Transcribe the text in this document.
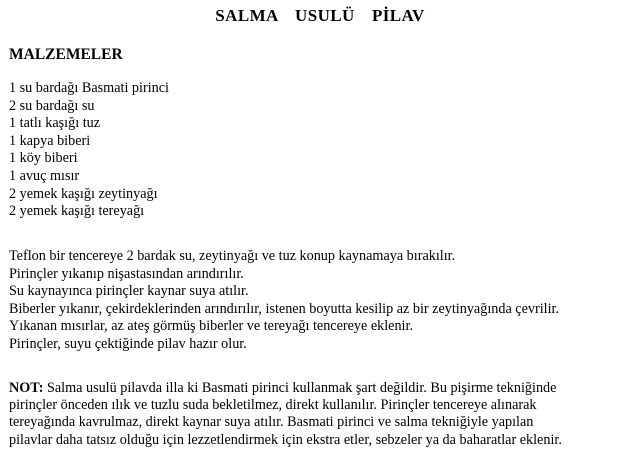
SALMA  USULÜ  PİLAV
MALZEMELER
1 su bardağı Basmati pirinci
2 su bardağı su
1 tatlı kaşığı tuz
1 kapya biberi
1 köy biberi
1 avuç mısır
2 yemek kaşığı zeytinyağı
2 yemek kaşığı tereyağı
Teflon bir tencereye 2 bardak su, zeytinyağı ve tuz konup kaynamaya bırakılır.
Pirinçler yıkanıp nişastasından arındırılır.
Su kaynayınca pirinçler kaynar suya atılır.
Biberler yıkanır, çekirdeklerinden arındırılır, istenen boyutta kesilip az bir zeytinyağında çevrilir.
Yıkanan mısırlar, az ateş görmüş biberler ve tereyağı tencereye eklenir.
Pirinçler, suyu çektiğinde pilav hazır olur.
NOT: Salma usulü pilavda illa ki Basmati pirinci kullanmak şart değildir. Bu pişirme tekniğinde
pirinçler önceden ılık ve tuzlu suda bekletilmez, direkt kullanılır. Pirinçler tencereye alınarak
tereyağında kavrulmaz, direkt kaynar suya atılır. Basmati pirinci ve salma tekniğiyle yapılan
pilavlar daha tatsız olduğu için lezzetlendirmek için ekstra etler, sebzeler ya da baharatlar eklenir.
